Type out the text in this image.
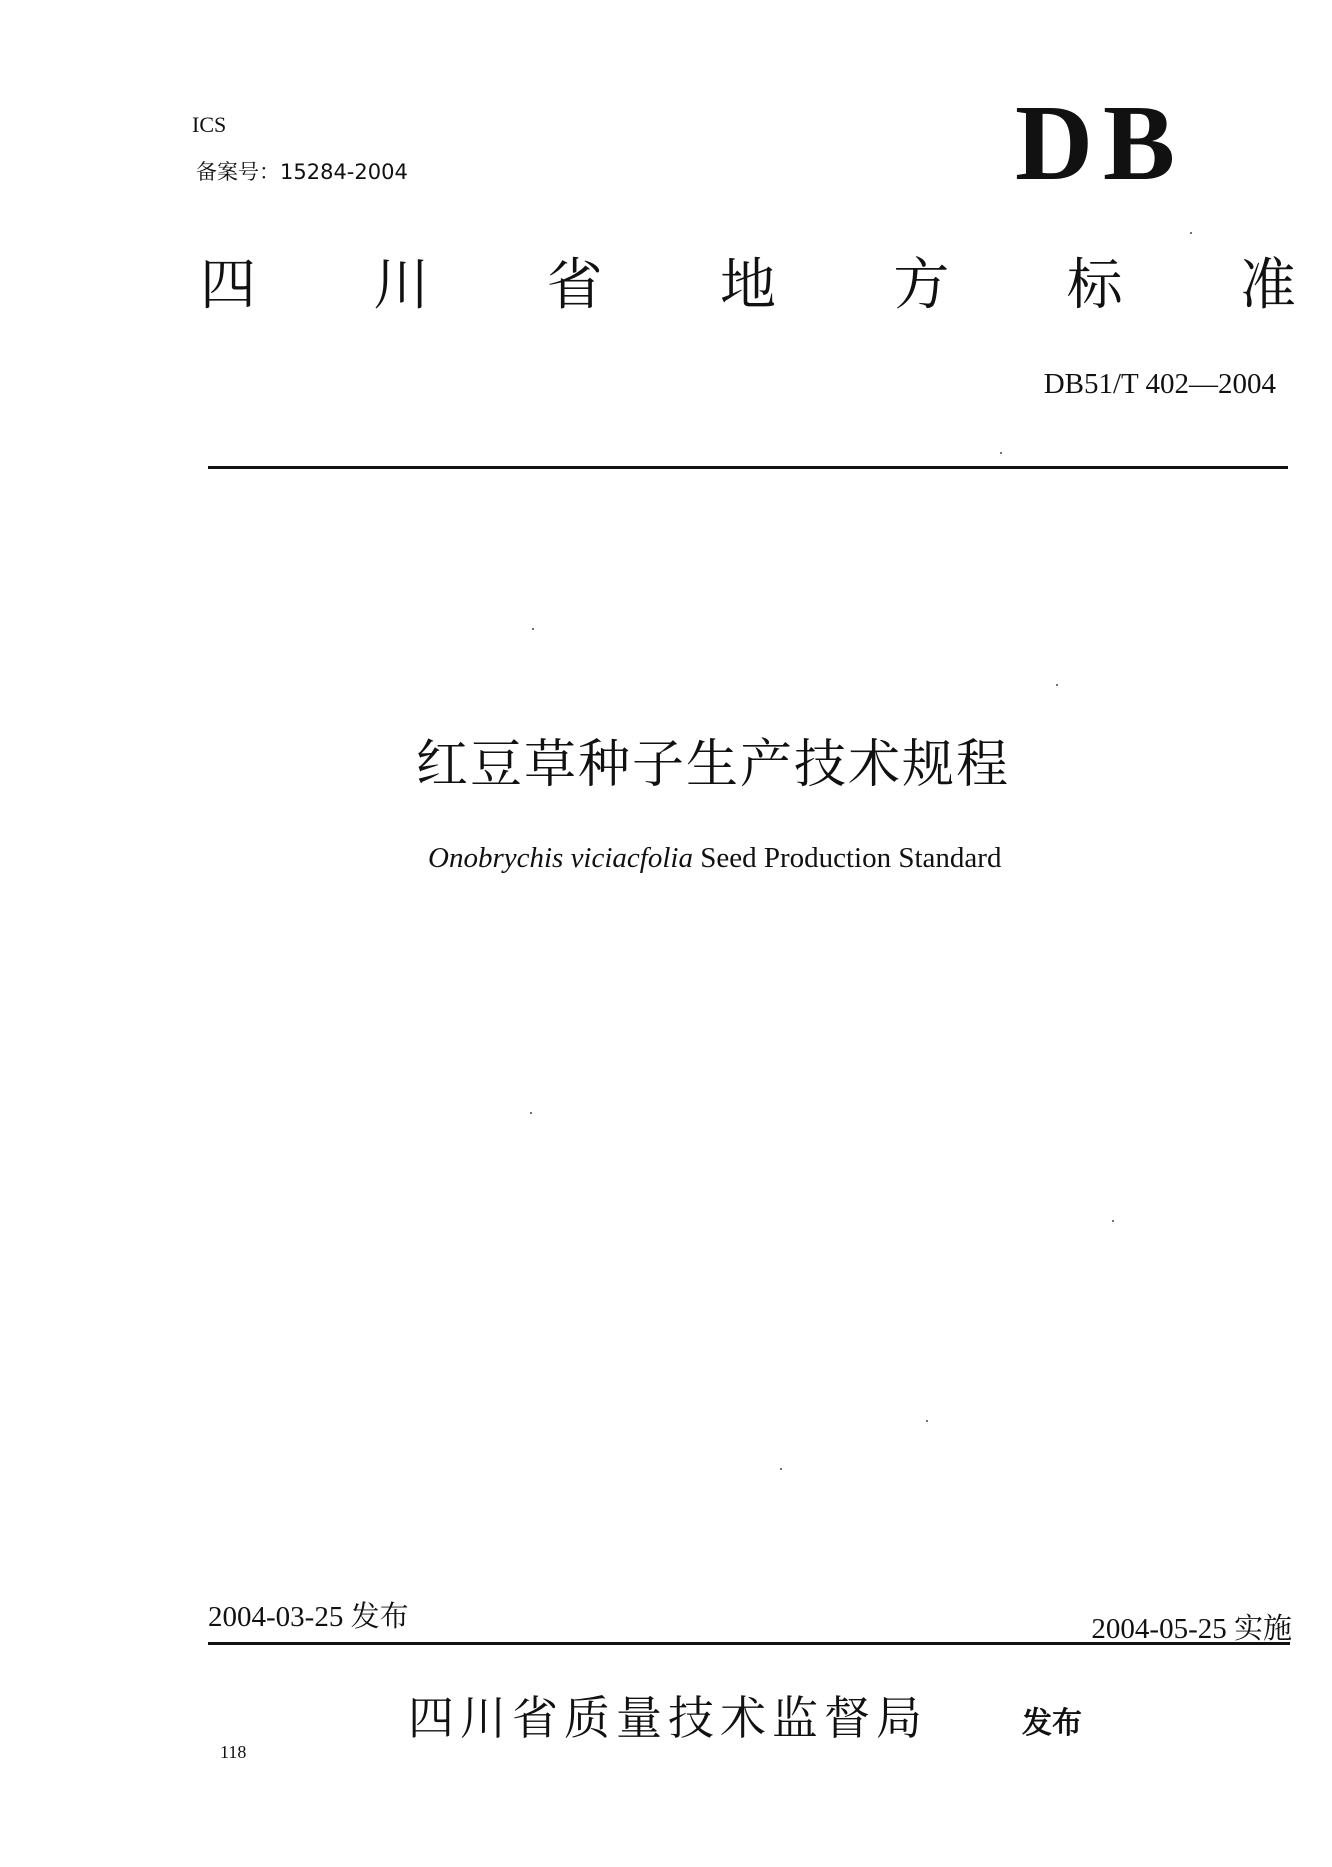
ICS
备案号：15284-2004	DB
四 川 省 地 方 标 准
DB51/T 402—2004
红豆草种子生产技术规程
Onobrychis viciacfolia Seed Production Standard
2004-03-25 发布	2004-05-25 实施
四川省质量技术监督局	发布
118
